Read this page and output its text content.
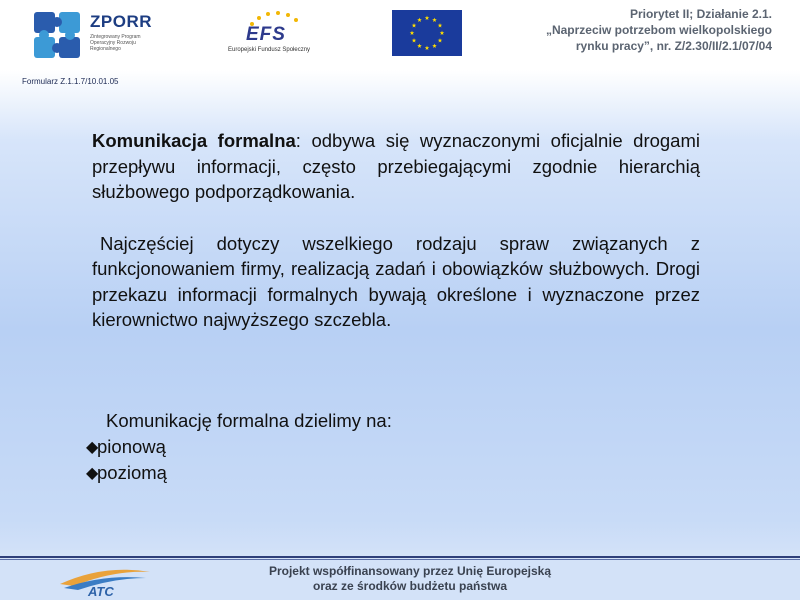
ZPORR
Zintegrowany Program Operacyjny Rozwoju Regionalnego
EFS
Europejski Fundusz Społeczny
Priorytet II; Działanie 2.1.
„Naprzeciw potrzebom wielkopolskiego
rynku pracy”, nr. Z/2.30/II/2.1/07/04
Formularz Z.1.1.7/10.01.05

Komunikacja formalna: odbywa się wyznaczonymi oficjalnie drogami przepływu informacji, często przebiegającymi zgodnie hierarchią służbowego podporządkowania.

Najczęściej dotyczy wszelkiego rodzaju spraw związanych z funkcjonowaniem firmy, realizacją zadań i obowiązków służbowych. Drogi przekazu informacji formalnych bywają określone i wyznaczone przez kierownictwo najwyższego szczebla.

Komunikację formalna dzielimy na:
◆
pionową
◆
poziomą
ATC
Projekt współfinansowany przez Unię Europejską
oraz ze środków budżetu państwa
